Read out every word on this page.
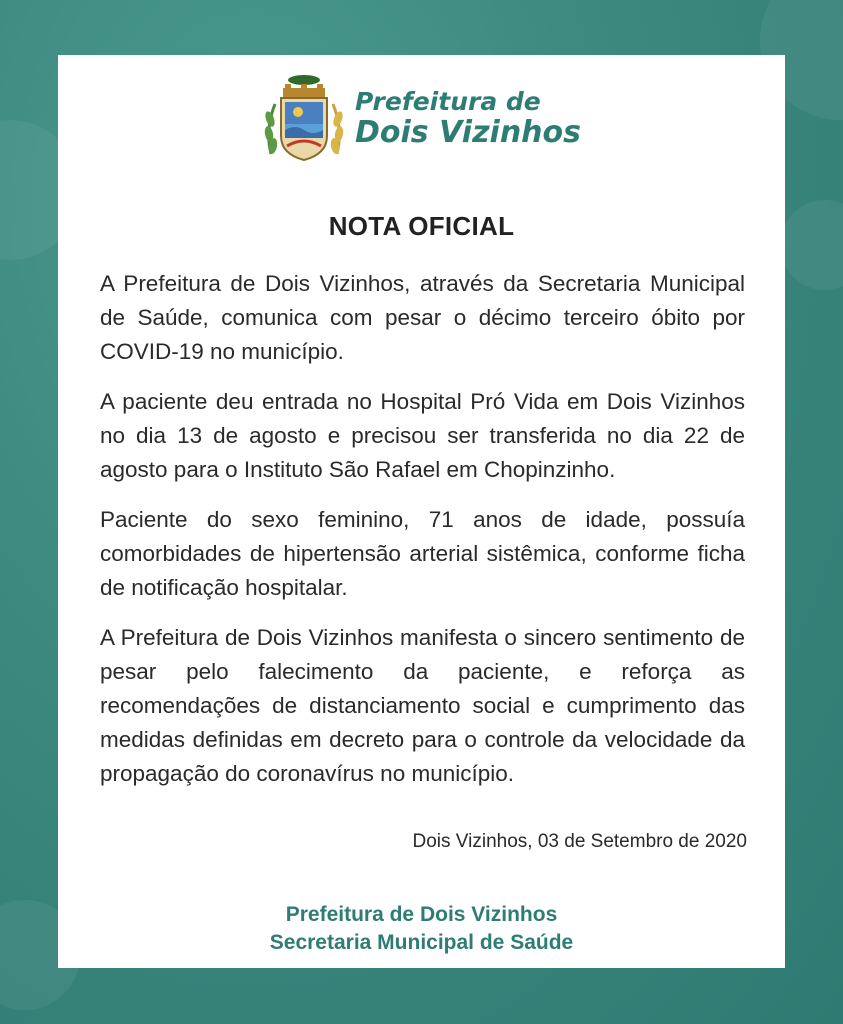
Prefeitura de
Dois Vizinhos
NOTA OFICIAL

A Prefeitura de Dois Vizinhos, através da Secretaria Municipal de Saúde, comunica com pesar o décimo terceiro óbito por COVID-19 no município.

A paciente deu entrada no Hospital Pró Vida em Dois Vizinhos no dia 13 de agosto e precisou ser transferida no dia 22 de agosto para o Instituto São Rafael em Chopinzinho.

Paciente do sexo feminino, 71 anos de idade, possuía comorbidades de hipertensão arterial sistêmica, conforme ficha de notificação hospitalar.

A Prefeitura de Dois Vizinhos manifesta o sincero sentimento de pesar pelo falecimento da paciente, e reforça as recomendações de distanciamento social e cumprimento das medidas definidas em decreto para o controle da velocidade da propagação do coronavírus no município.

Dois Vizinhos, 03 de Setembro de 2020
Prefeitura de Dois Vizinhos
Secretaria Municipal de Saúde
